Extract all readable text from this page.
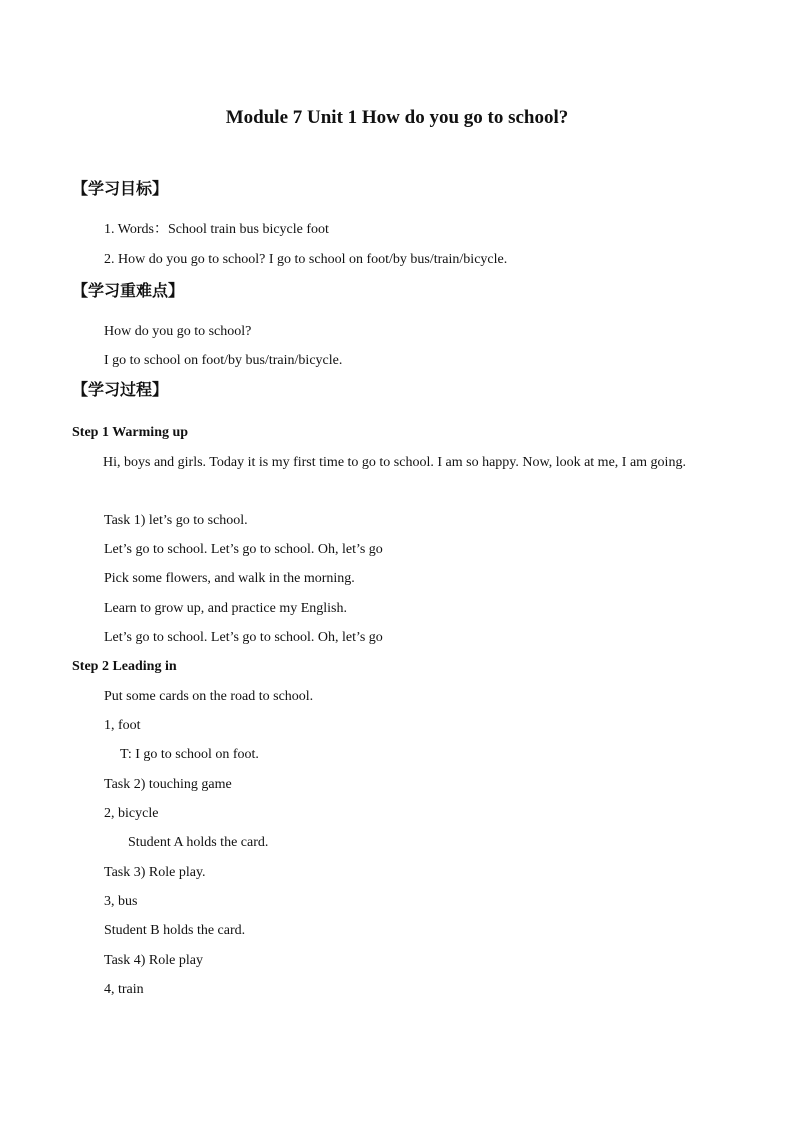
Module 7 Unit 1 How do you go to school?
【学习目标】
1. Words：School train bus bicycle foot
2. How do you go to school? I go to school on foot/by bus/train/bicycle.
【学习重难点】
How do you go to school?
I go to school on foot/by bus/train/bicycle.
【学习过程】
Step 1 Warming up
Hi, boys and girls. Today it is my first time to go to school. I am so happy. Now, look at me, I am going.
Task 1) let’s go to school.
Let’s go to school. Let’s go to school. Oh, let’s go
Pick some flowers, and walk in the morning.
Learn to grow up, and practice my English.
Let’s go to school. Let’s go to school. Oh, let’s go
Step 2 Leading in
Put some cards on the road to school.
1, foot
T: I go to school on foot.
Task 2) touching game
2, bicycle
Student A holds the card.
Task 3) Role play.
3, bus
Student B holds the card.
Task 4) Role play
4, train
